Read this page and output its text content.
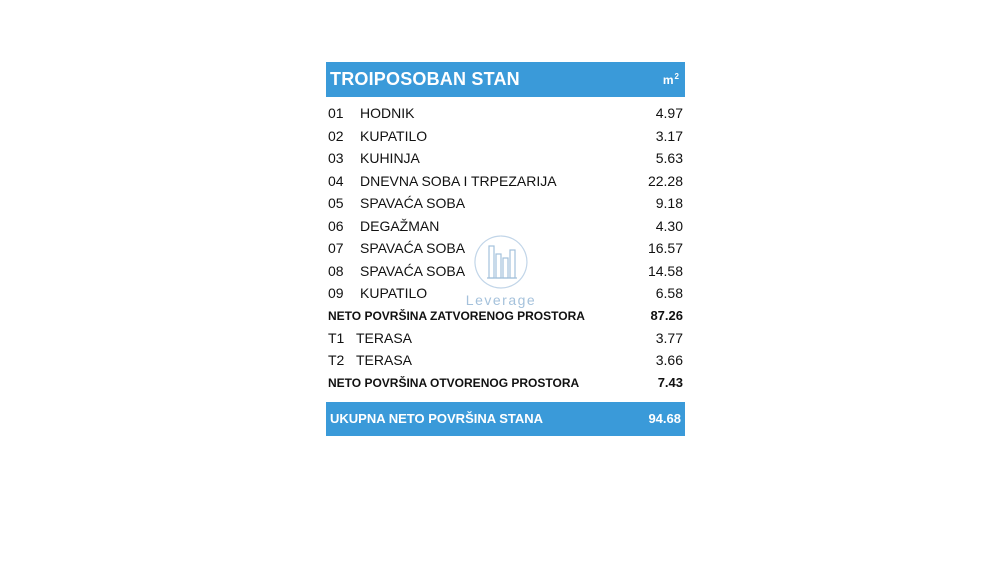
TROIPOSOBAN STAN	$m^2$
01	HODNIK	4.97
02	KUPATILO	3.17
03	KUHINJA	5.63
04	DNEVNA SOBA I TRPEZARIJA	22.28
05	SPAVAĆA SOBA	9.18
06	DEGAŽMAN	4.30
07	SPAVAĆA SOBA	16.57
08	SPAVAĆA SOBA	14.58
09	KUPATILO	6.58
NETO POVRŠINA ZATVORENOG PROSTORA	87.26
T1 TERASA	3.77
T2 TERASA	3.66
NETO POVRŠINA OTVORENOG PROSTORA	7.43
UKUPNA NETO POVRŠINA STANA	94.68
Leverage
